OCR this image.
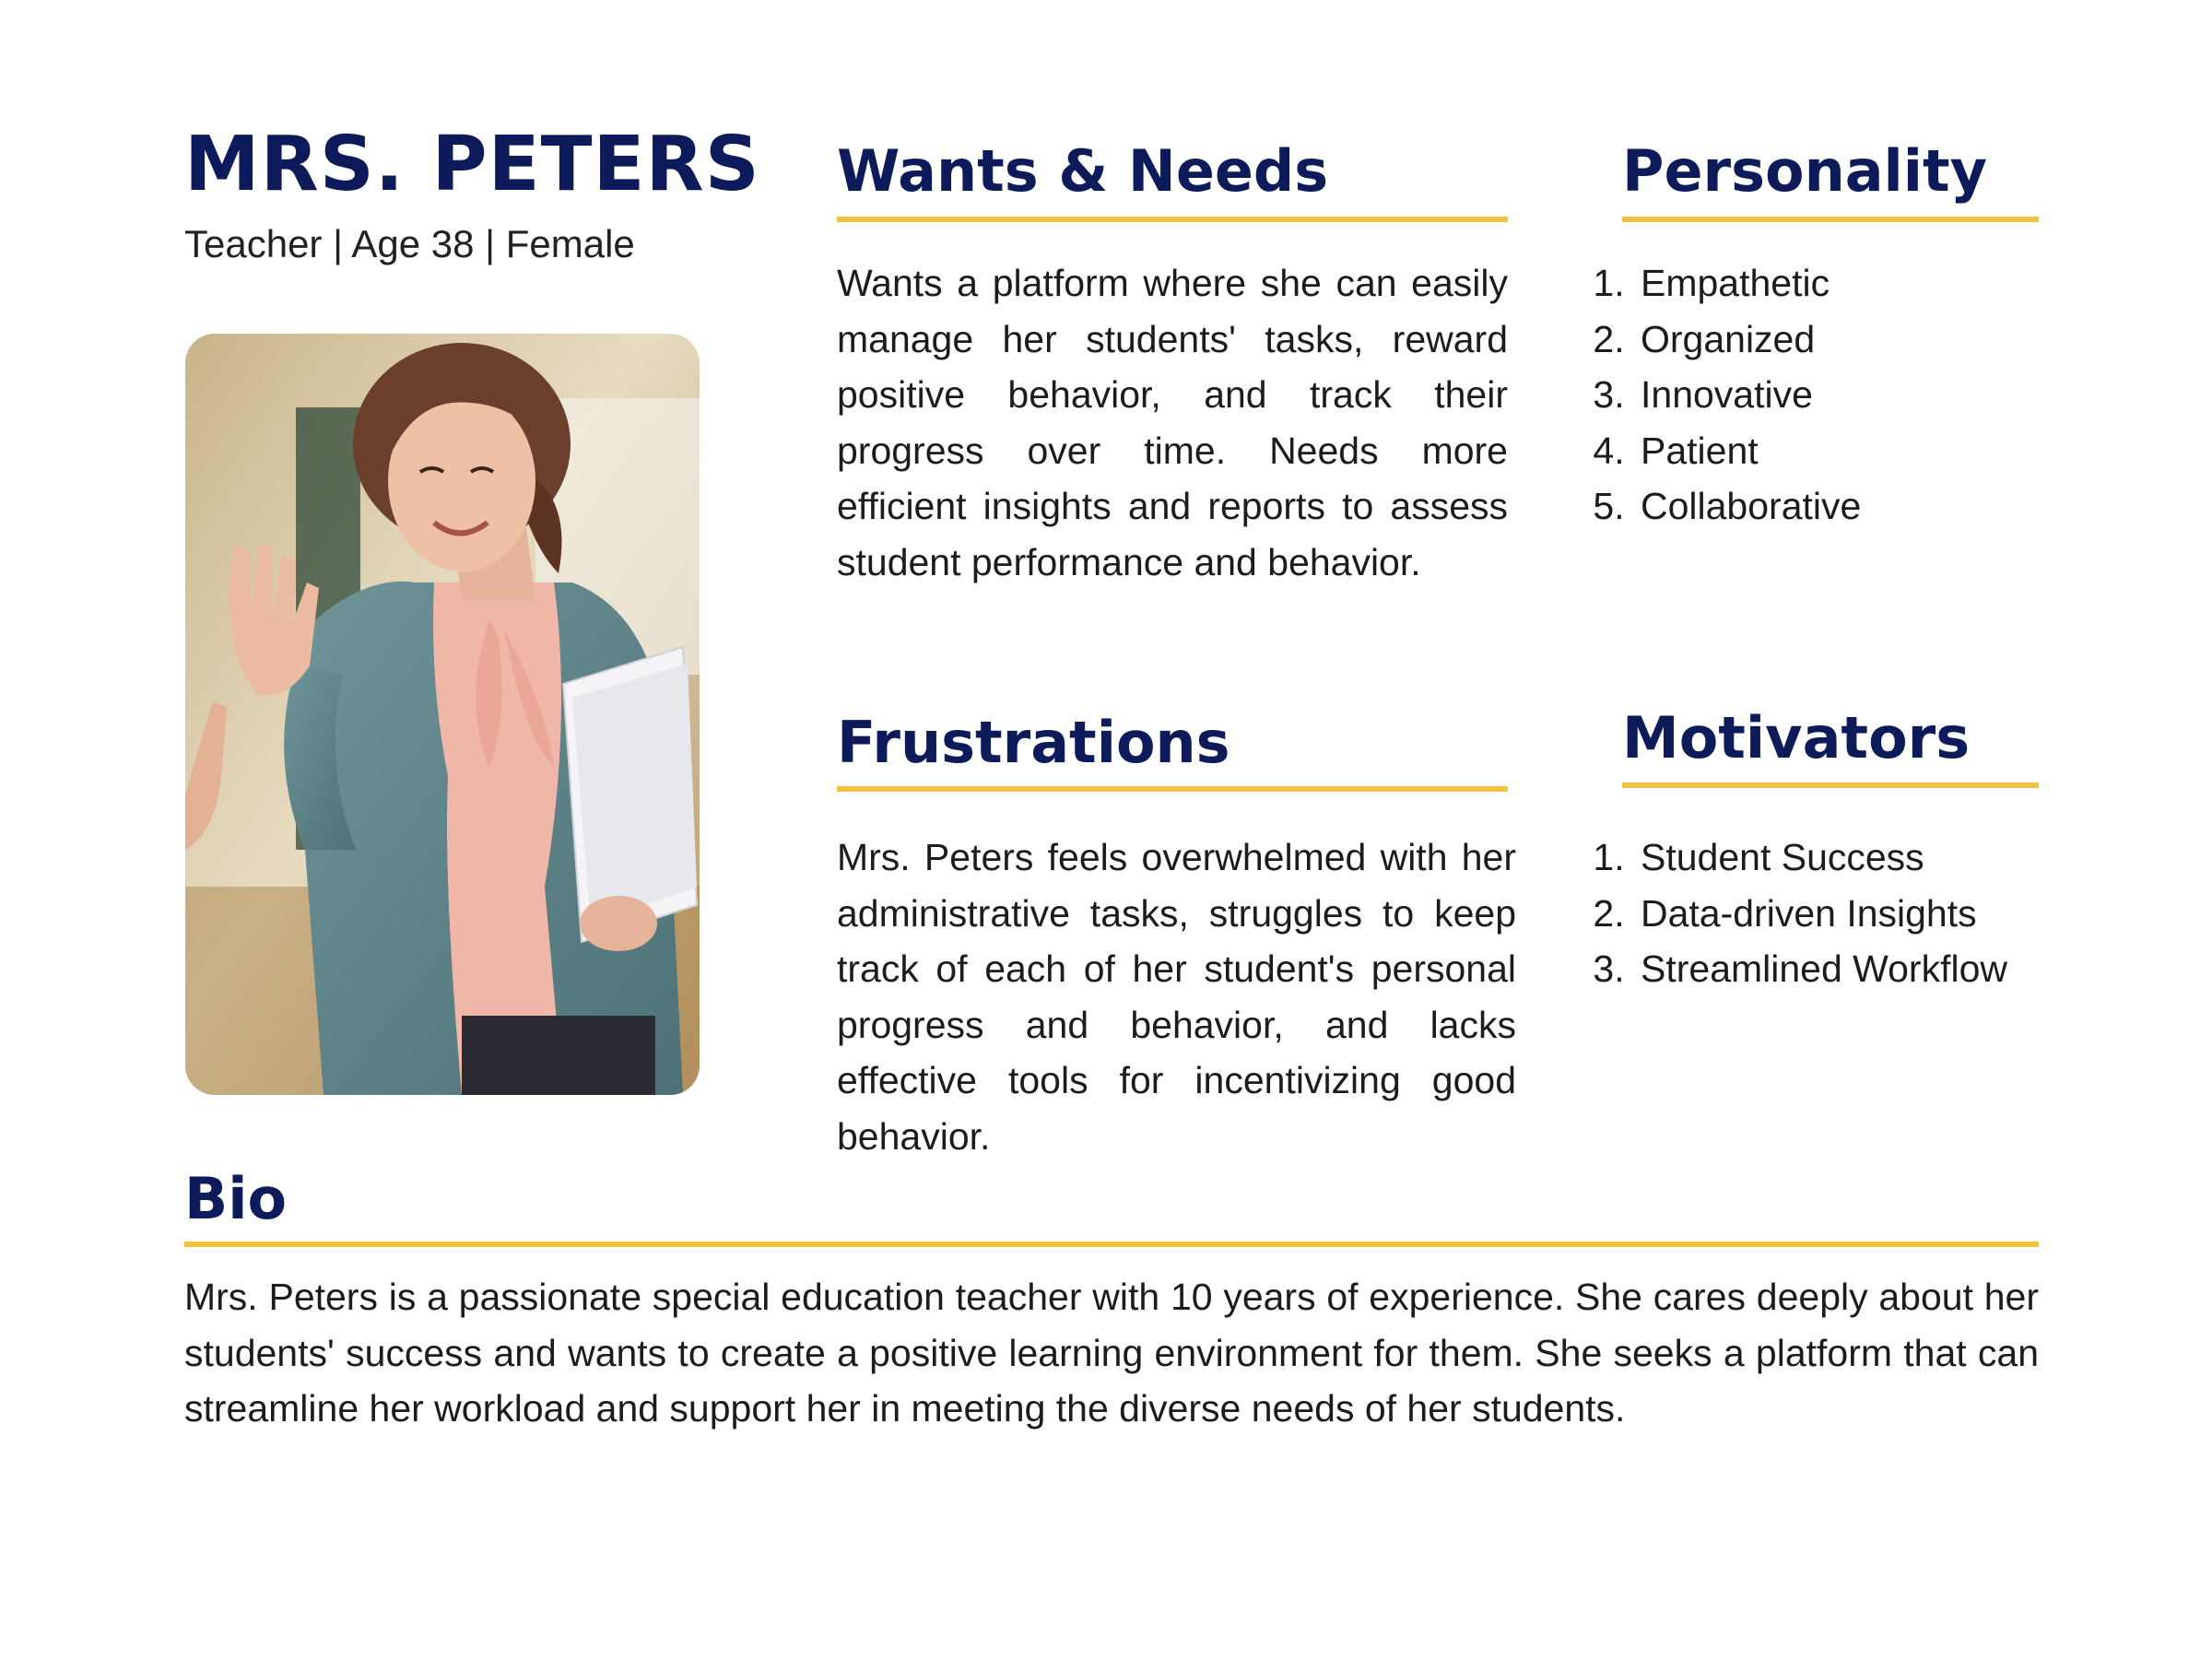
MRS. PETERS

Teacher | Age 38 | Female

Wants & Needs

Wants a platform where she can easily manage her students' tasks, reward positive behavior, and track their progress over time. Needs more efficient insights and reports to assess student performance and behavior.

Personality
1. Empathetic
2. Organized
3. Innovative
4. Patient
5. Collaborative
Frustrations

Mrs. Peters feels overwhelmed with her administrative tasks, struggles to keep track of each of her student's personal progress and behavior, and lacks effective tools for incentivizing good behavior.

Motivators
1. Student Success
2. Data-driven Insights
3. Streamlined Workflow
Bio

Mrs. Peters is a passionate special education teacher with 10 years of experience. She cares deeply about her students' success and wants to create a positive learning environment for them. She seeks a platform that can streamline her workload and support her in meeting the diverse needs of her students.
